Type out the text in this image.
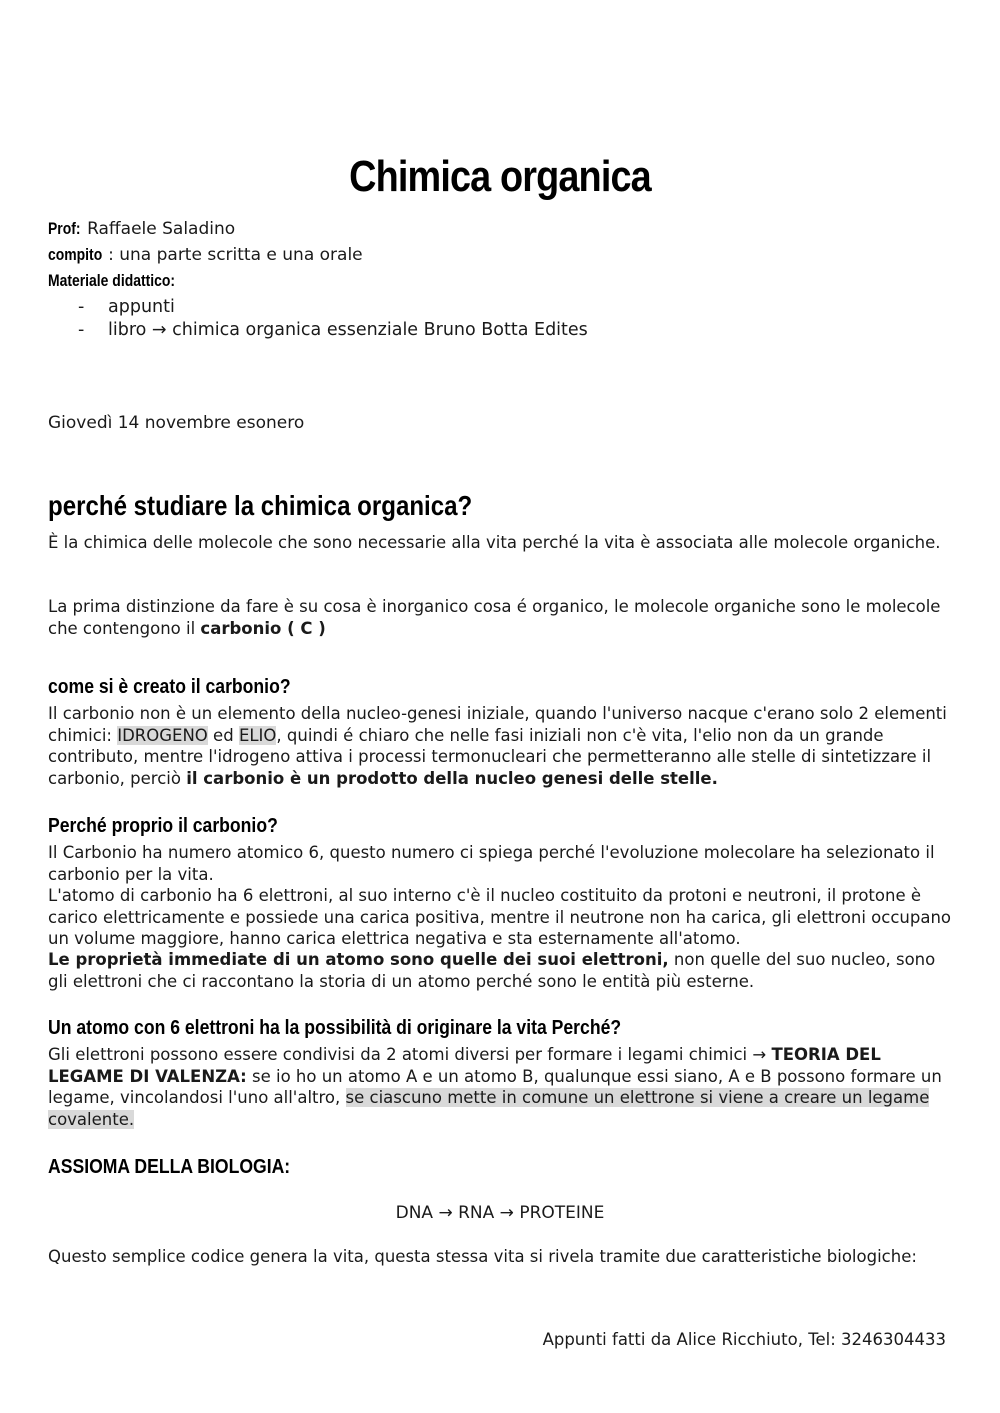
Chimica organica
Prof: Raffaele Saladino
compito : una parte scritta e una orale
Materiale didattico:
- appunti
- libro → chimica organica essenziale Bruno Botta Edites
Giovedì 14 novembre esonero
perché studiare la chimica organica?
È la chimica delle molecole che sono necessarie alla vita perché la vita è associata alle molecole organiche.
La prima distinzione da fare è su cosa è inorganico cosa é organico, le molecole organiche sono le molecole che contengono il carbonio ( C )
come si è creato il carbonio?
Il carbonio non è un elemento della nucleo-genesi iniziale, quando l'universo nacque c'erano solo 2 elementi chimici: IDROGENO ed ELIO, quindi é chiaro che nelle fasi iniziali non c'è vita, l'elio non da un grande contributo, mentre l'idrogeno attiva i processi termonucleari che permetteranno alle stelle di sintetizzare il carbonio, perciò il carbonio è un prodotto della nucleo genesi delle stelle.
Perché proprio il carbonio?
Il Carbonio ha numero atomico 6, questo numero ci spiega perché l'evoluzione molecolare ha selezionato il carbonio per la vita.
L'atomo di carbonio ha 6 elettroni, al suo interno c'è il nucleo costituito da protoni e neutroni, il protone è carico elettricamente e possiede una carica positiva, mentre il neutrone non ha carica, gli elettroni occupano un volume maggiore, hanno carica elettrica negativa e sta esternamente all'atomo.
Le proprietà immediate di un atomo sono quelle dei suoi elettroni, non quelle del suo nucleo, sono gli elettroni che ci raccontano la storia di un atomo perché sono le entità più esterne.
Un atomo con 6 elettroni ha la possibilità di originare la vita Perché?
Gli elettroni possono essere condivisi da 2 atomi diversi per formare i legami chimici → TEORIA DEL LEGAME DI VALENZA: se io ho un atomo A e un atomo B, qualunque essi siano, A e B possono formare un legame, vincolandosi l'uno all'altro, se ciascuno mette in comune un elettrone si viene a creare un legame covalente.
ASSIOMA DELLA BIOLOGIA:
DNA → RNA → PROTEINE
Questo semplice codice genera la vita, questa stessa vita si rivela tramite due caratteristiche biologiche:
Appunti fatti da Alice Ricchiuto, Tel: 3246304433
